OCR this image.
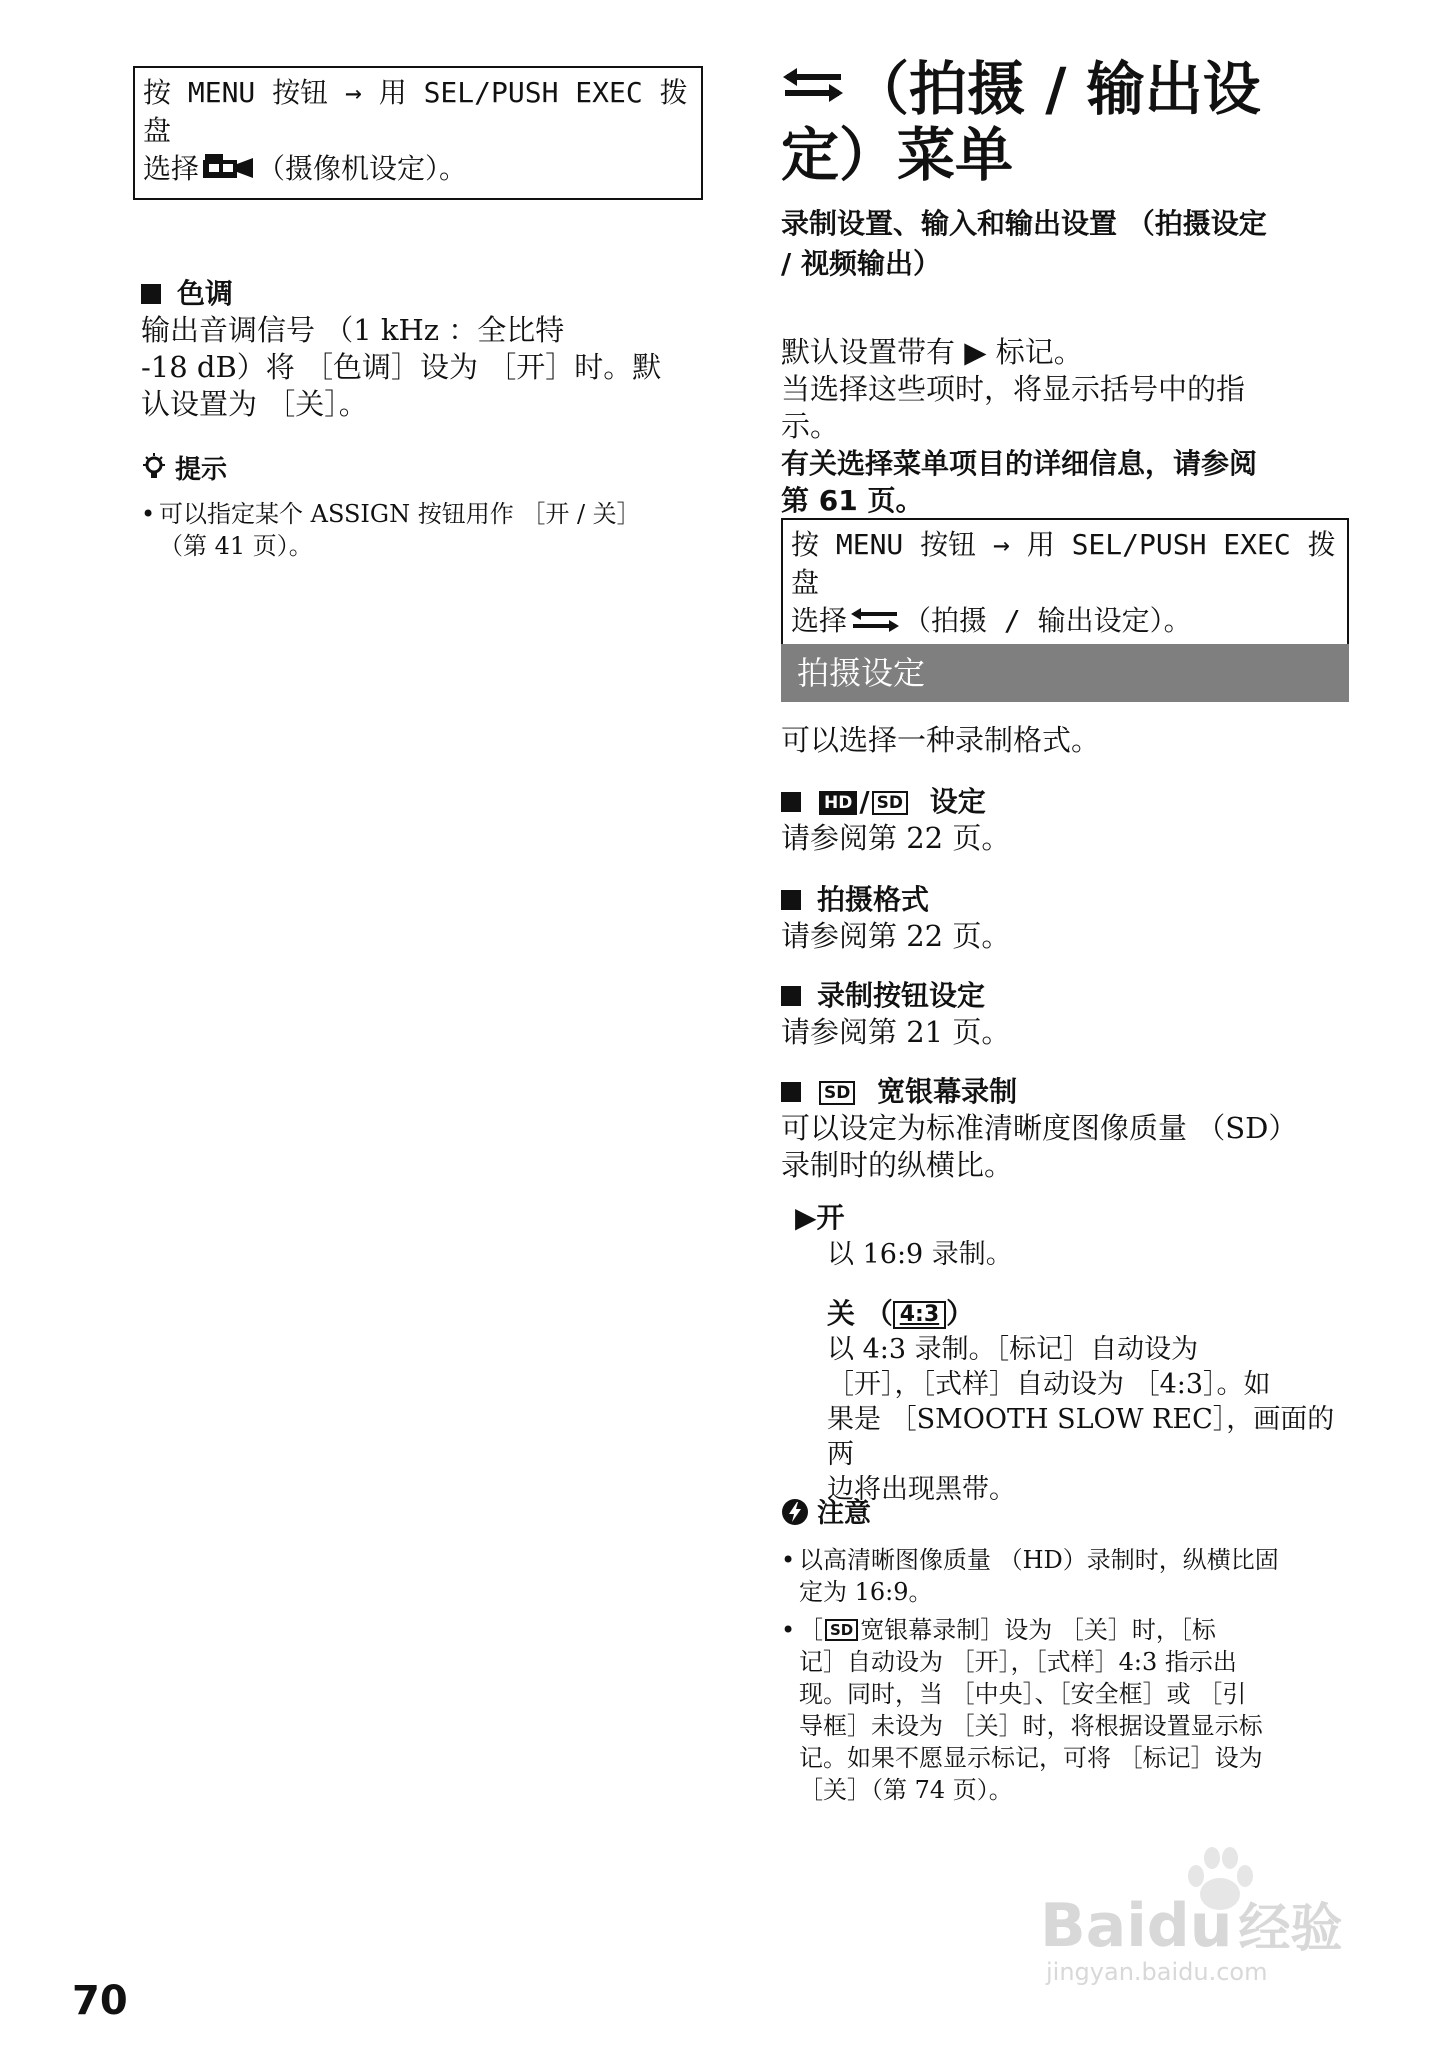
按 MENU 按钮 → 用 SEL/PUSH EXEC 拨盘
选择 （摄像机设定）。
色调
输出音调信号 （1 kHz ：全比特
-18 dB）将 ［色调］设为 ［开］时。默
认设置为 ［关］。
提示
• 可以指定某个 ASSIGN 按钮用作 ［开 / 关］
（第 41 页）。
（拍摄 / 输出设
定）菜单
录制设置、输入和输出设置 （拍摄设定
/ 视频输出）
默认设置带有 ▶ 标记。
当选择这些项时，将显示括号中的指
示。
有关选择菜单项目的详细信息，请参阅
第 61 页。
按 MENU 按钮 → 用 SEL/PUSH EXEC 拨盘
选择 （拍摄 / 输出设定）。
拍摄设定
可以选择一种录制格式。
HD / SD 设定
请参阅第 22 页。
拍摄格式
请参阅第 22 页。
录制按钮设定
请参阅第 21 页。
SD 宽银幕录制
可以设定为标准清晰度图像质量 （SD）
录制时的纵横比。
▶开
以 16:9 录制。
关 （ 4:3 ）
以 4:3 录制。［标记］自动设为
［开］，［式样］自动设为 ［4:3］。如
果是 ［SMOOTH SLOW REC］，画面的两
边将出现黑带。
注意
• 以高清晰图像质量 （HD）录制时，纵横比固
定为 16:9。
• ［ SD 宽银幕录制］设为 ［关］时，［标
记］自动设为 ［开］，［式样］4:3 指示出
现。同时，当 ［中央］、［安全框］或 ［引
导框］未设为 ［关］时，将根据设置显示标
记。如果不愿显示标记，可将 ［标记］设为
［关］（第 74 页）。
70
Baidu 经验
jingyan.baidu.com
